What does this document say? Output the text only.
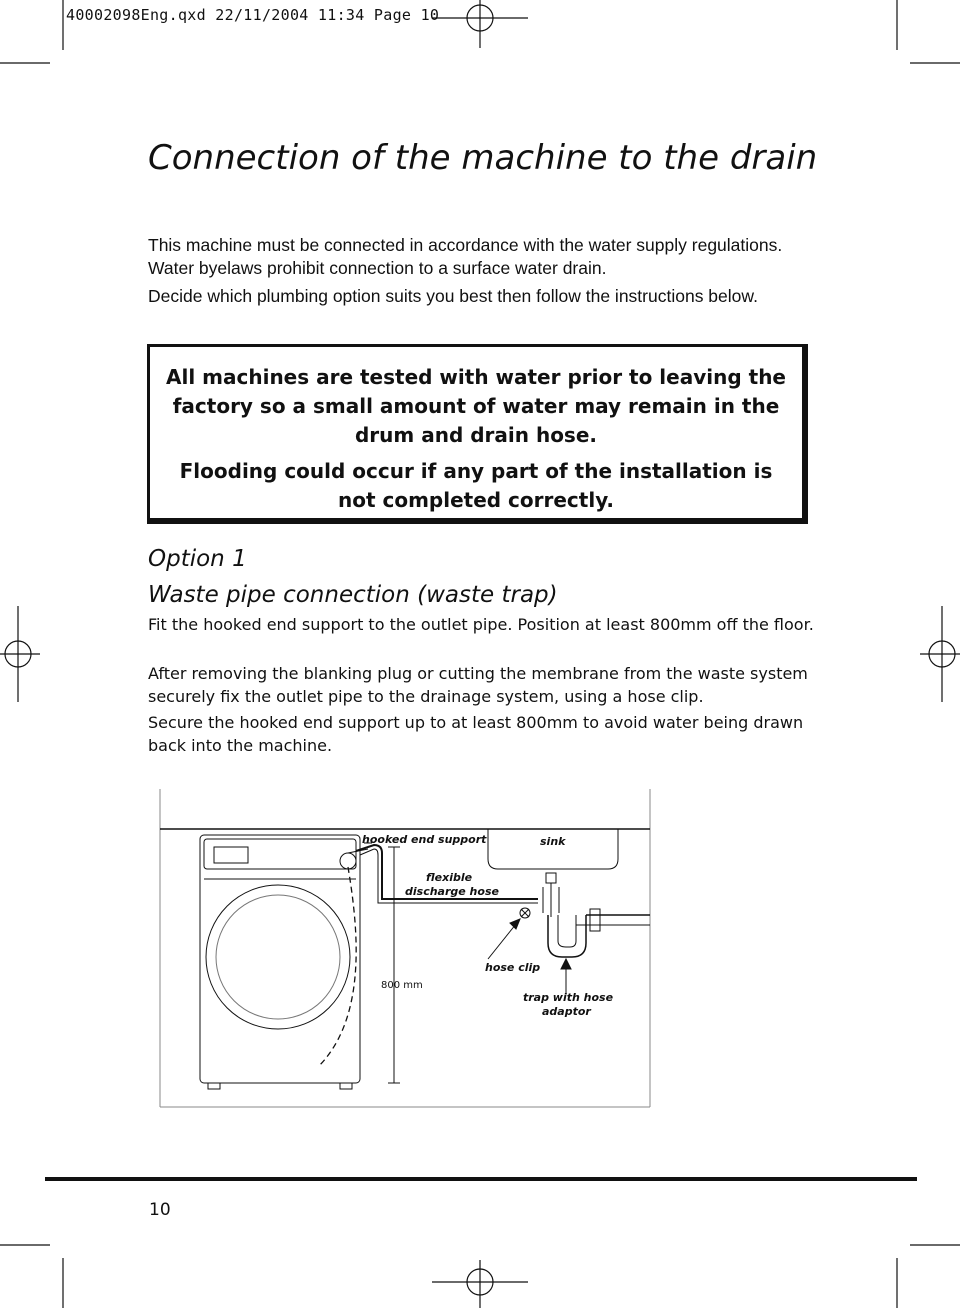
40002098Eng.qxd 22/11/2004 11:34 Page 10
Connection of the machine to the drain

This machine must be connected in accordance with the water supply regulations. Water byelaws prohibit connection to a surface water drain.

Decide which plumbing option suits you best then follow the instructions below.

All machines are tested with water prior to leaving the factory so a small amount of water may remain in the drum and drain hose.

Flooding could occur if any part of the installation is not completed correctly.

Option 1
Waste pipe connection (waste trap)

Fit the hooked end support to the outlet pipe. Position at least 800mm off the floor.

After removing the blanking plug or cutting the membrane from the waste system securely fix the outlet pipe to the drainage system, using a hose clip.

Secure the hooked end support up to at least 800mm to avoid water being drawn back into the machine.

hooked end support	sink
flexible
discharge hose
hose clip
800 mm
trap with hose
adaptor
10
